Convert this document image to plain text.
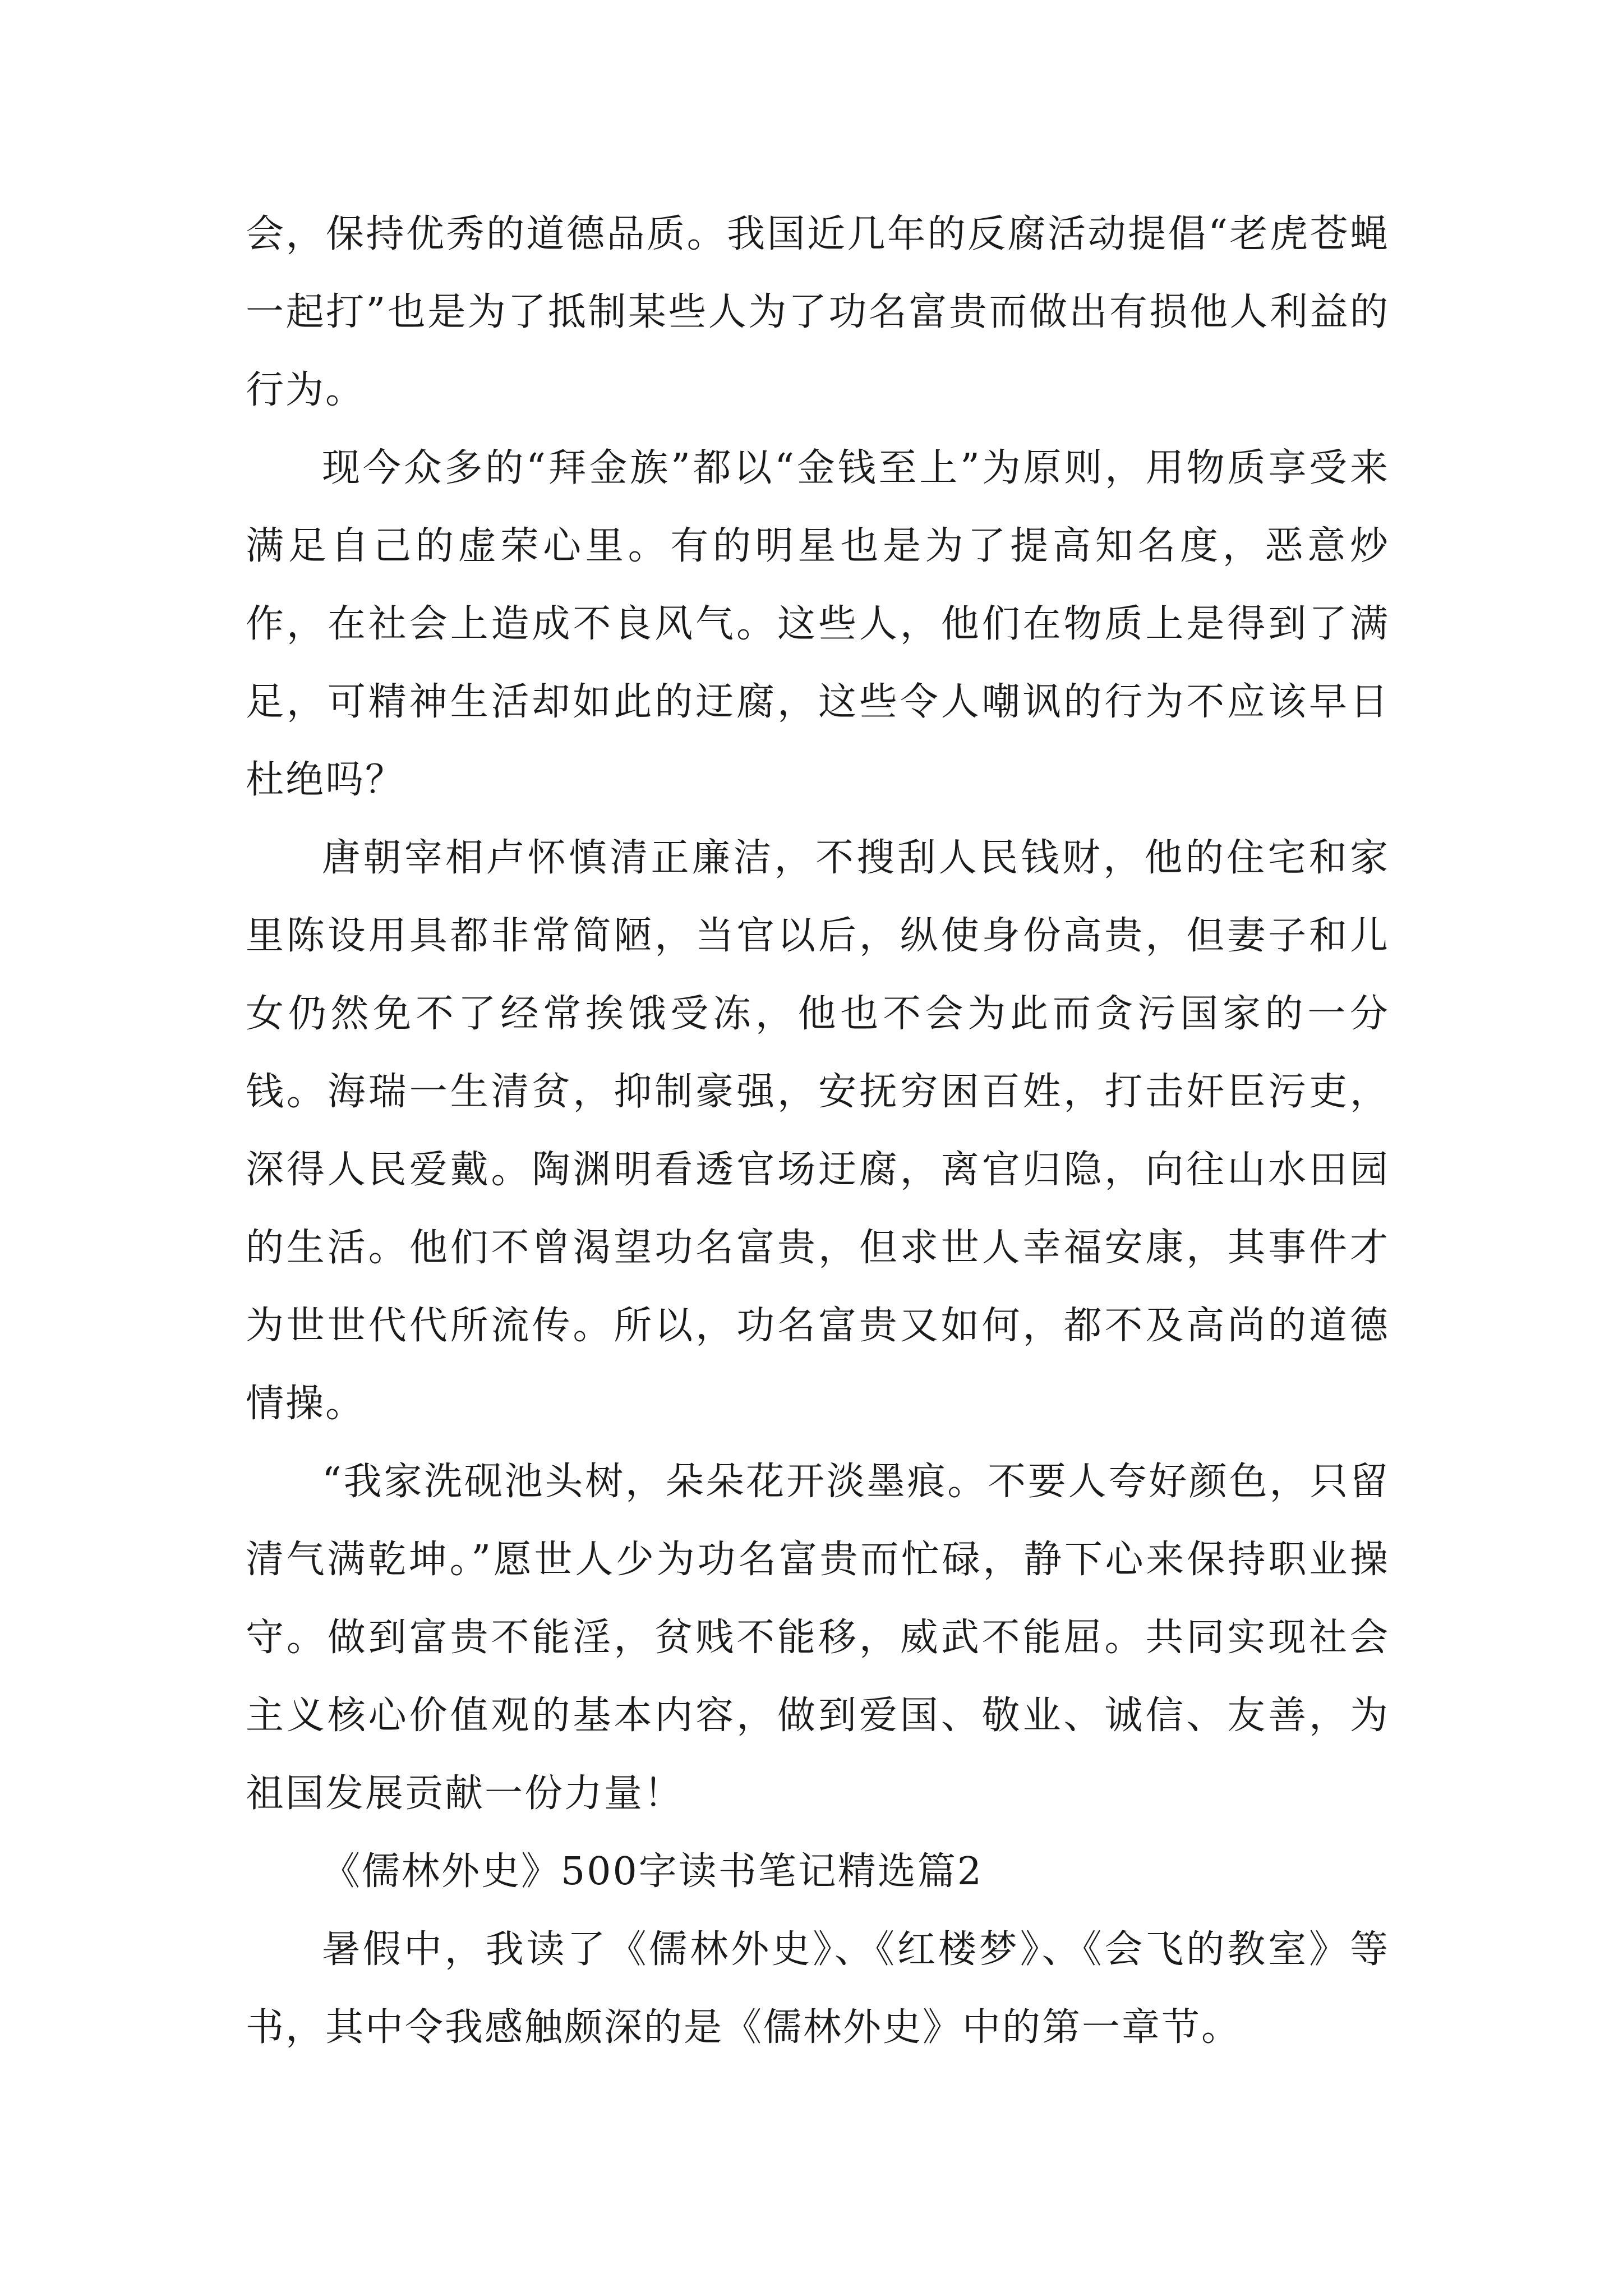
会，保持优秀的道德品质。我国近几年的反腐活动提倡“老虎苍蝇一起打”也是为了抵制某些人为了功名富贵而做出有损他人利益的行为。

现今众多的“拜金族”都以“金钱至上”为原则，用物质享受来满足自己的虚荣心里。有的明星也是为了提高知名度，恶意炒作，在社会上造成不良风气。这些人，他们在物质上是得到了满足，可精神生活却如此的迂腐，这些令人嘲讽的行为不应该早日杜绝吗？

唐朝宰相卢怀慎清正廉洁，不搜刮人民钱财，他的住宅和家里陈设用具都非常简陋，当官以后，纵使身份高贵，但妻子和儿女仍然免不了经常挨饿受冻，他也不会为此而贪污国家的一分钱。海瑞一生清贫，抑制豪强，安抚穷困百姓，打击奸臣污吏，深得人民爱戴。陶渊明看透官场迂腐，离官归隐，向往山水田园的生活。他们不曾渴望功名富贵，但求世人幸福安康，其事件才为世世代代所流传。所以，功名富贵又如何，都不及高尚的道德情操。

“我家洗砚池头树，朵朵花开淡墨痕。不要人夸好颜色，只留清气满乾坤。”愿世人少为功名富贵而忙碌，静下心来保持职业操守。做到富贵不能淫，贫贱不能移，威武不能屈。共同实现社会主义核心价值观的基本内容，做到爱国、敬业、诚信、友善，为祖国发展贡献一份力量！

《儒林外史》500字读书笔记精选篇2

暑假中，我读了《儒林外史》、《红楼梦》、《会飞的教室》等书，其中令我感触颇深的是《儒林外史》中的第一章节。
